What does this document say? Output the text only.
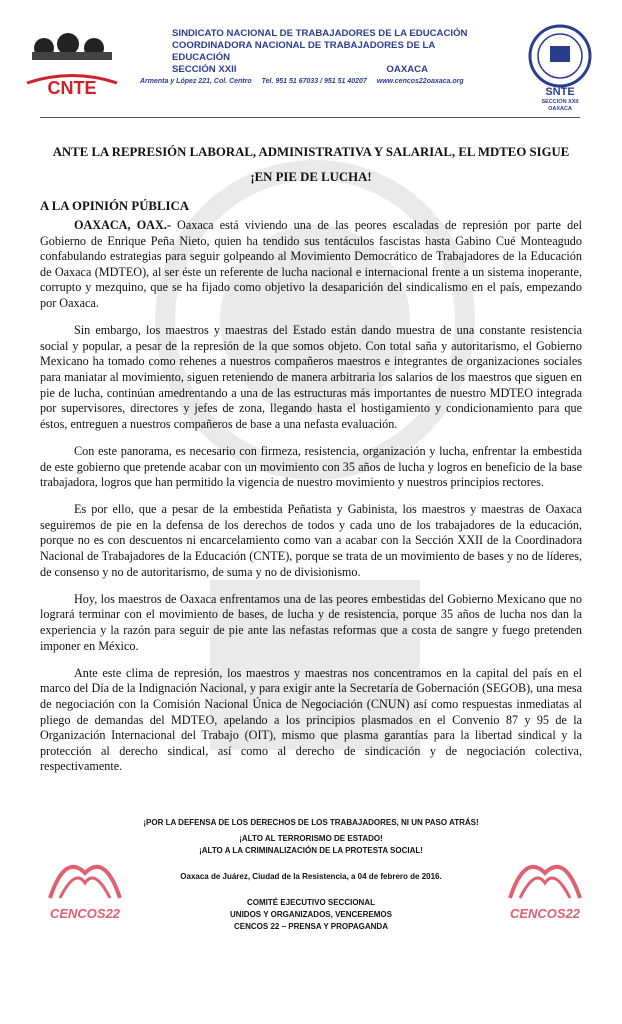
CNTE
SINDICATO NACIONAL DE TRABAJADORES DE LA EDUCACIÓN
COORDINADORA NACIONAL DE TRABAJADORES DE LA EDUCACIÓN
SECCIÓN XXII	OAXACA
Armenta y López 221, Col. Centro Tel. 951 51 67033 / 951 51 40207 www.cencos22oaxaca.org
SNTE
SECCION XXII
OAXACA
ANTE LA REPRESIÓN LABORAL, ADMINISTRATIVA Y SALARIAL, EL MDTEO SIGUE
¡EN PIE DE LUCHA!
A LA OPINIÓN PÚBLICA

OAXACA, OAX.- Oaxaca está viviendo una de las peores escaladas de represión por parte del Gobierno de Enrique Peña Nieto, quien ha tendido sus tentáculos fascistas hasta Gabino Cué Monteagudo confabulando estrategias para seguir golpeando al Movimiento Democrático de Trabajadores de la Educación de Oaxaca (MDTEO), al ser éste un referente de lucha nacional e internacional frente a un sistema inoperante, corrupto y mezquino, que se ha fijado como objetivo la desaparición del sindicalismo en el país, empezando por Oaxaca.

Sin embargo, los maestros y maestras del Estado están dando muestra de una constante resistencia social y popular, a pesar de la represión de la que somos objeto. Con total saña y autoritarismo, el Gobierno Mexicano ha tomado como rehenes a nuestros compañeros maestros e integrantes de organizaciones sociales para maniatar al movimiento, siguen reteniendo de manera arbitraria los salarios de los maestros que siguen en pie de lucha, continúan amedrentando a una de las estructuras más importantes de nuestro MDTEO integrada por supervisores, directores y jefes de zona, llegando hasta el hostigamiento y condicionamiento para que éstos, entreguen a nuestros compañeros de base a una nefasta evaluación.

Con este panorama, es necesario con firmeza, resistencia, organización y lucha, enfrentar la embestida de este gobierno que pretende acabar con un movimiento con 35 años de lucha y logros en beneficio de la base trabajadora, logros que han permitido la vigencia de nuestro movimiento y nuestros principios rectores.

Es por ello, que a pesar de la embestida Peñatista y Gabinista, los maestros y maestras de Oaxaca seguiremos de pie en la defensa de los derechos de todos y cada uno de los trabajadores de la educación, porque no es con descuentos ni encarcelamiento como van a acabar con la Sección XXII de la Coordinadora Nacional de Trabajadores de la Educación (CNTE), porque se trata de un movimiento de bases y no de líderes, de consenso y no de autoritarismo, de suma y no de divisionismo.

Hoy, los maestros de Oaxaca enfrentamos una de las peores embestidas del Gobierno Mexicano que no logrará terminar con el movimiento de bases, de lucha y de resistencia, porque 35 años de lucha nos dan la experiencia y la razón para seguir de pie ante las nefastas reformas que a costa de sangre y fuego pretenden imponer en México.

Ante este clima de represión, los maestros y maestras nos concentramos en la capital del país en el marco del Día de la Indignación Nacional, y para exigir ante la Secretaría de Gobernación (SEGOB), una mesa de negociación con la Comisión Nacional Única de Negociación (CNUN) así como respuestas inmediatas al pliego de demandas del MDTEO, apelando a los principios plasmados en el Convenio 87 y 95 de la Organización Internacional del Trabajo (OIT), mismo que plasma garantías para la libertad sindical y la protección al derecho sindical, así como al derecho de sindicación y de negociación colectiva, respectivamente.

CENCOS22	CENCOS22
¡POR LA DEFENSA DE LOS DERECHOS DE LOS TRABAJADORES, NI UN PASO ATRÁS!
¡ALTO AL TERRORISMO DE ESTADO!
¡ALTO A LA CRIMINALIZACIÓN DE LA PROTESTA SOCIAL!
Oaxaca de Juárez, Ciudad de la Resistencia, a 04 de febrero de 2016.
COMITÉ EJECUTIVO SECCIONAL
UNIDOS Y ORGANIZADOS, VENCEREMOS
CENCOS 22 – PRENSA Y PROPAGANDA
